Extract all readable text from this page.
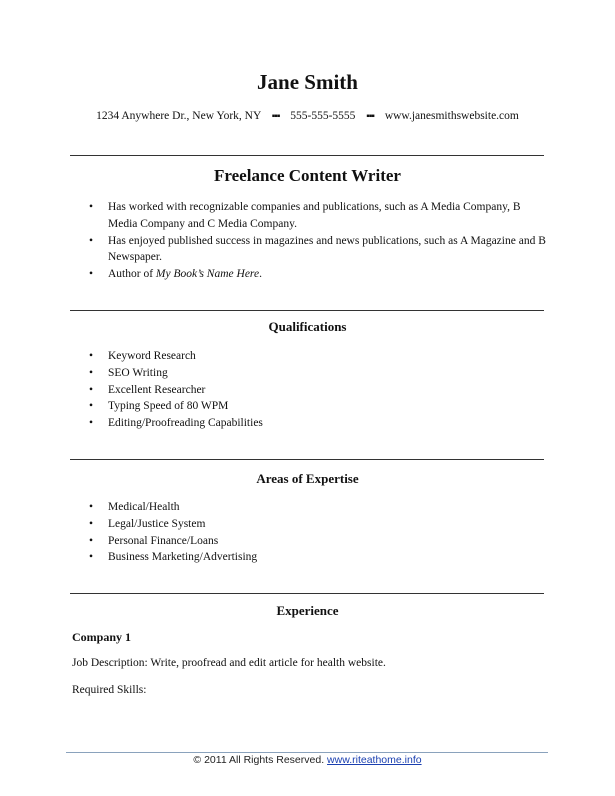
Jane Smith
1234 Anywhere Dr., New York, NY ▪▪▪ 555-555-5555 ▪▪▪ www.janesmithswebsite.com
Freelance Content Writer
• Has worked with recognizable companies and publications, such as A Media Company, B Media Company and C Media Company.
• Has enjoyed published success in magazines and news publications, such as A Magazine and B Newspaper.
• Author of My Book’s Name Here.
Qualifications
• Keyword Research
• SEO Writing
• Excellent Researcher
• Typing Speed of 80 WPM
• Editing/Proofreading Capabilities
Areas of Expertise
• Medical/Health
• Legal/Justice System
• Personal Finance/Loans
• Business Marketing/Advertising
Experience
Company 1
Job Description: Write, proofread and edit article for health website.
Required Skills:
© 2011 All Rights Reserved. www.riteathome.info
